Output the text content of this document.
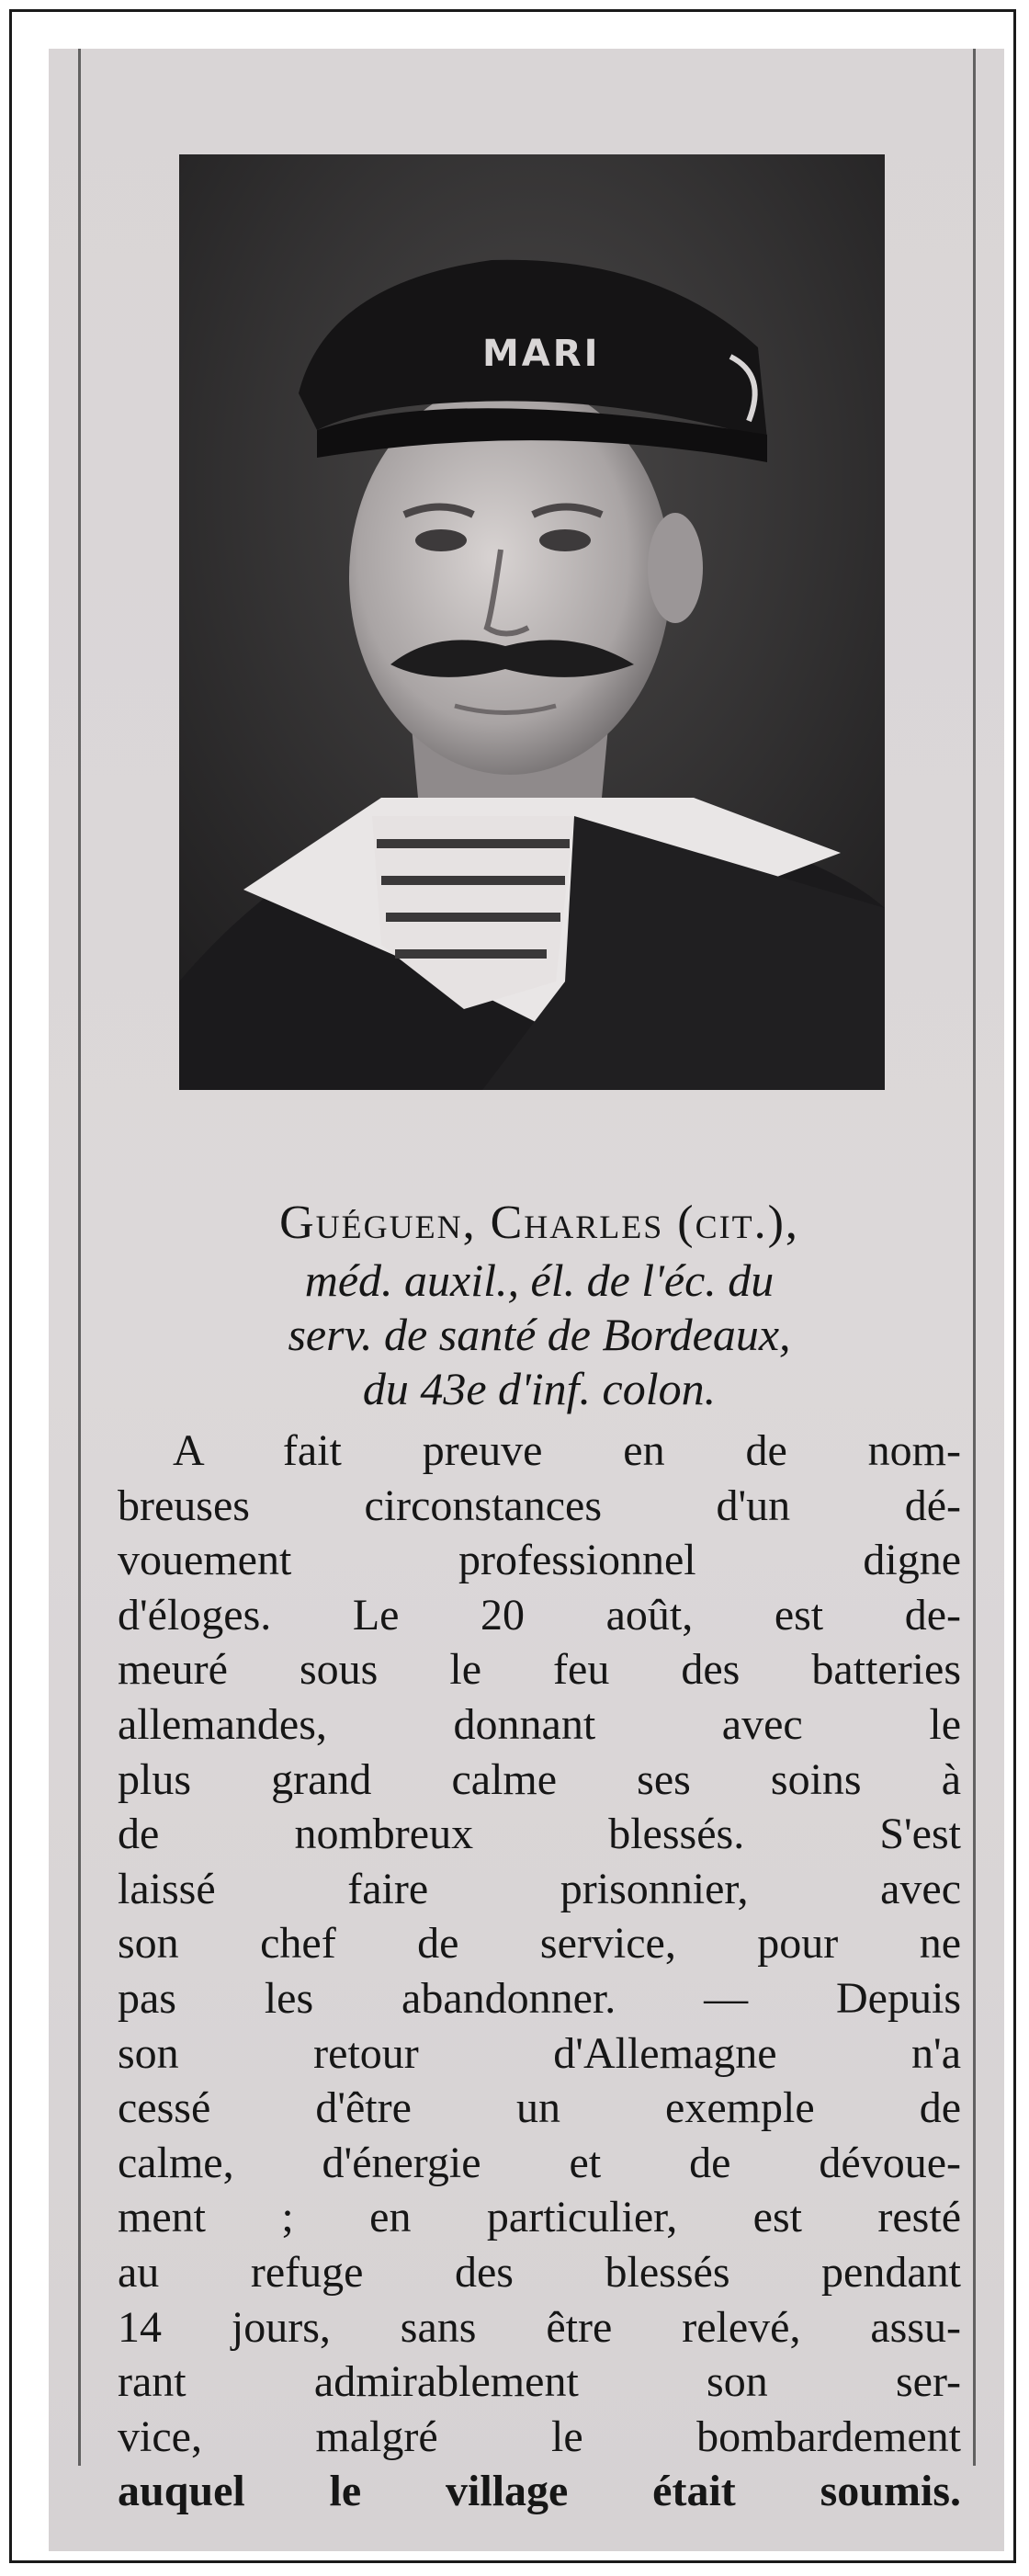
MARI
Guéguen, Charles (cit.),
méd. auxil., él. de l'éc. du
serv. de santé de Bordeaux,
du 43e d'inf. colon.
A fait preuve en de nom-
breuses circonstances d'un dé-
vouement professionnel digne
d'éloges. Le 20 août, est de-
meuré sous le feu des batteries
allemandes, donnant avec le
plus grand calme ses soins à
de nombreux blessés. S'est
laissé faire prisonnier, avec
son chef de service, pour ne
pas les abandonner. — Depuis
son retour d'Allemagne n'a
cessé d'être un exemple de
calme, d'énergie et de dévoue-
ment ; en particulier, est resté
au refuge des blessés pendant
14 jours, sans être relevé, assu-
rant admirablement son ser-
vice, malgré le bombardement
auquel le village était soumis.
